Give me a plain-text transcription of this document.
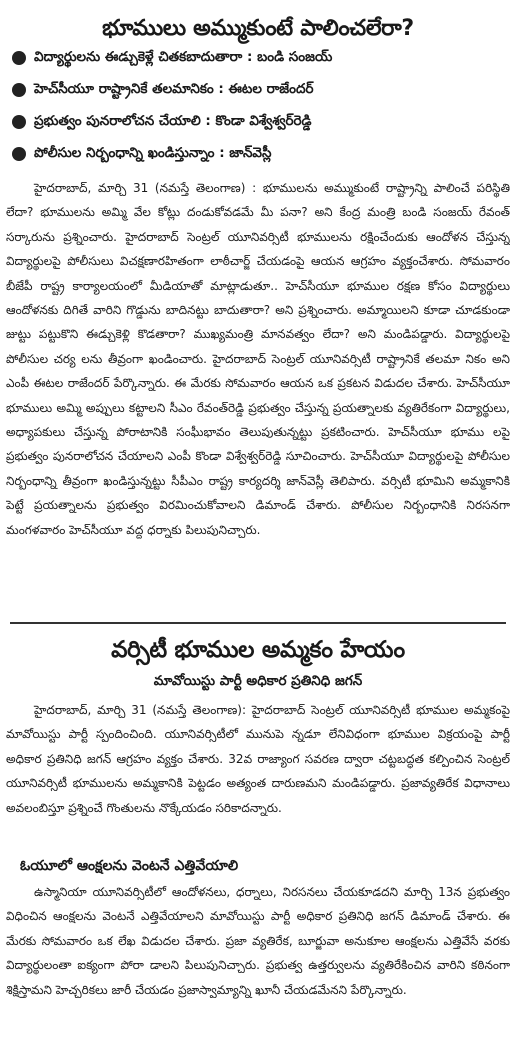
భూములు అమ్ముకుంటే పాలించలేరా?
విద్యార్థులను ఈడ్చుకెళ్లే చితకబాదుతారా : బండి సంజయ్
హెచ్‌సీయూ రాష్ట్రానికే తలమానికం : ఈటల రాజేందర్
ప్రభుత్వం పునరాలోచన చేయాలి : కొండా విశ్వేశ్వర్‌రెడ్డి
పోలీసుల నిర్బంధాన్ని ఖండిస్తున్నాం : జాన్‌వెస్లీ

హైదరాబాద్, మార్చి 31 (నమస్తే తెలంగాణ) : భూములను అమ్ముకుంటే రాష్ట్రాన్ని పాలించే పరిస్థితి లేదా? భూములను అమ్మి వేల కోట్లు దండుకోవడమే మీ పనా? అని కేంద్ర మంత్రి బండి సంజయ్ రేవంత్ సర్కారును ప్రశ్నించారు. హైదరాబాద్ సెంట్రల్ యూనివర్సిటీ భూములను రక్షించేందుకు ఆందోళన చేస్తున్న విద్యార్థులపై పోలీసులు విచక్షణారహితంగా లాఠీచార్జ్ చేయడంపై ఆయన ఆగ్రహం వ్యక్తంచేశారు. సోమవారం బీజేపీ రాష్ట్ర కార్యాలయంలో మీడియాతో మాట్లాడుతూ.. హెచ్‌సీయూ భూముల రక్షణ కోసం విద్యార్థులు ఆందోళనకు దిగితే వారిని గొడ్డును బాదినట్టు బాదుతారా? అని ప్రశ్నించారు. అమ్మాయిలని కూడా చూడకుండా జుట్టు పట్టుకొని ఈడ్చుకెళ్లి కొడతారా? ముఖ్యమంత్రి మానవత్వం లేదా? అని మండిపడ్డారు. విద్యార్థులపై పోలీసుల చర్య లను తీవ్రంగా ఖండించారు. హైదరాబాద్ సెంట్రల్ యూనివర్సిటీ రాష్ట్రానికే తలమా నికం అని ఎంపీ ఈటల రాజేందర్ పేర్కొన్నారు. ఈ మేరకు సోమవారం ఆయన ఒక ప్రకటన విడుదల చేశారు. హెచ్‌సీయూ భూములు అమ్మి అప్పులు కట్టాలని సీఎం రేవంత్‌రెడ్డి ప్రభుత్వం చేస్తున్న ప్రయత్నాలకు వ్యతిరేకంగా విద్యార్థులు, అధ్యాపకులు చేస్తున్న పోరాటానికి సంఘీభావం తెలుపుతున్నట్టు ప్రకటించారు. హెచ్‌సీయూ భూము లపై ప్రభుత్వం పునరాలోచన చేయాలని ఎంపీ కొండా విశ్వేశ్వర్‌రెడ్డి సూచించారు. హెచ్‌సీయూ విద్యార్థులపై పోలీసుల నిర్బంధాన్ని తీవ్రంగా ఖండిస్తున్నట్టు సీపీఎం రాష్ట్ర కార్యదర్శి జాన్‌వెస్లీ తెలిపారు. వర్సిటీ భూమిని అమ్మకానికి పెట్టే ప్రయత్నాలను ప్రభుత్వం విరమించుకోవాలని డిమాండ్ చేశారు. పోలీసుల నిర్బంధానికి నిరసనగా మంగళవారం హెచ్‌సీయూ వద్ద ధర్నాకు పిలుపునిచ్చారు.

వర్సిటీ భూముల అమ్మకం హేయం
మావోయిస్టు పార్టీ అధికార ప్రతినిధి జగన్

హైదరాబాద్, మార్చి 31 (నమస్తే తెలంగాణ): హైదరాబాద్ సెంట్రల్ యూనివర్సిటీ భూముల అమ్మకంపై మావోయిస్టు పార్టీ స్పందించింది. యూనివర్సిటీలో మునుపె న్నడూ లేనివిధంగా భూముల విక్రయంపై పార్టీ అధికార ప్రతినిధి జగన్ ఆగ్రహం వ్యక్తం చేశారు. 32వ రాజ్యాంగ సవరణ ద్వారా చట్టబద్ధత కల్పించిన సెంట్రల్ యూనివర్సిటీ భూములను అమ్మకానికి పెట్టడం అత్యంత దారుణమని మండిపడ్డారు. ప్రజావ్యతిరేక విధానాలు అవలంబిస్తూ ప్రశ్నించే గొంతులను నొక్కేయడం సరికాదన్నారు.

ఓయూలో ఆంక్షలను వెంటనే ఎత్తివేయాలి

ఉస్మానియా యూనివర్సిటీలో ఆందోళనలు, ధర్నాలు, నిరసనలు చేయకూడదని మార్చి 13న ప్రభుత్వం విధించిన ఆంక్షలను వెంటనే ఎత్తివేయాలని మావోయిస్టు పార్టీ అధికార ప్రతినిధి జగన్ డిమాండ్ చేశారు. ఈ మేరకు సోమవారం ఒక లేఖ విడుదల చేశారు. ప్రజా వ్యతిరేక, బూర్జువా అనుకూల ఆంక్షలను ఎత్తివేసే వరకు విద్యార్థులంతా ఐక్యంగా పోరా డాలని పిలుపునిచ్చారు. ప్రభుత్వ ఉత్తర్వులను వ్యతిరేకించిన వారిని కఠినంగా శిక్షిస్తామని హెచ్చరికలు జారీ చేయడం ప్రజాస్వామ్యాన్ని ఖూనీ చేయడమేనని పేర్కొన్నారు.
